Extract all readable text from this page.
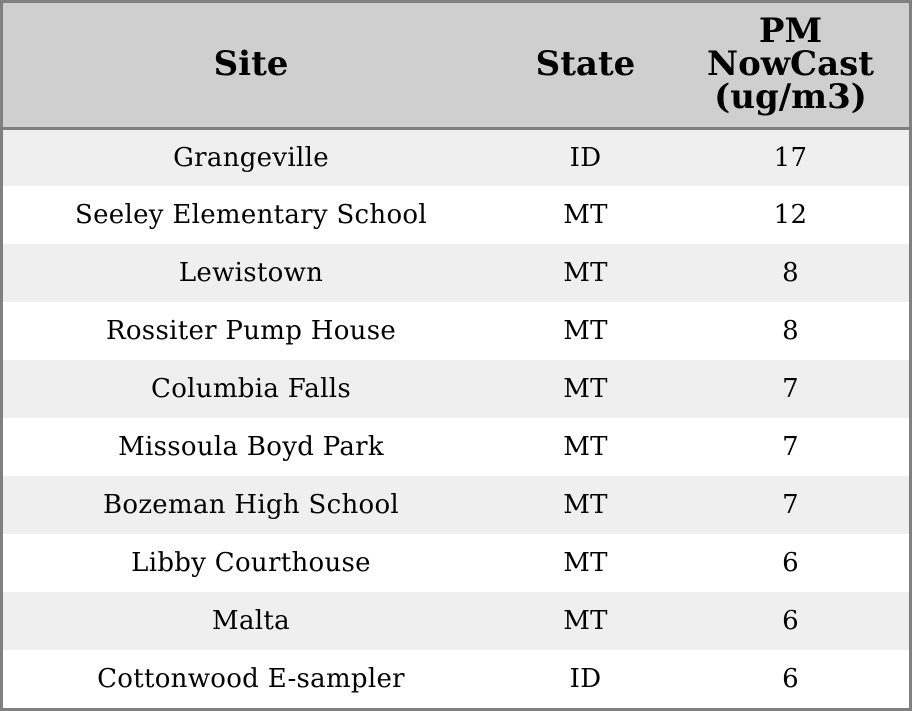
Site	State	PM
NowCast
(ug/m3)

Grangeville	ID	17
Seeley Elementary School	MT	12
Lewistown	MT	8
Rossiter Pump House	MT	8
Columbia Falls	MT	7
Missoula Boyd Park	MT	7
Bozeman High School	MT	7
Libby Courthouse	MT	6
Malta	MT	6
Cottonwood E-sampler	ID	6
